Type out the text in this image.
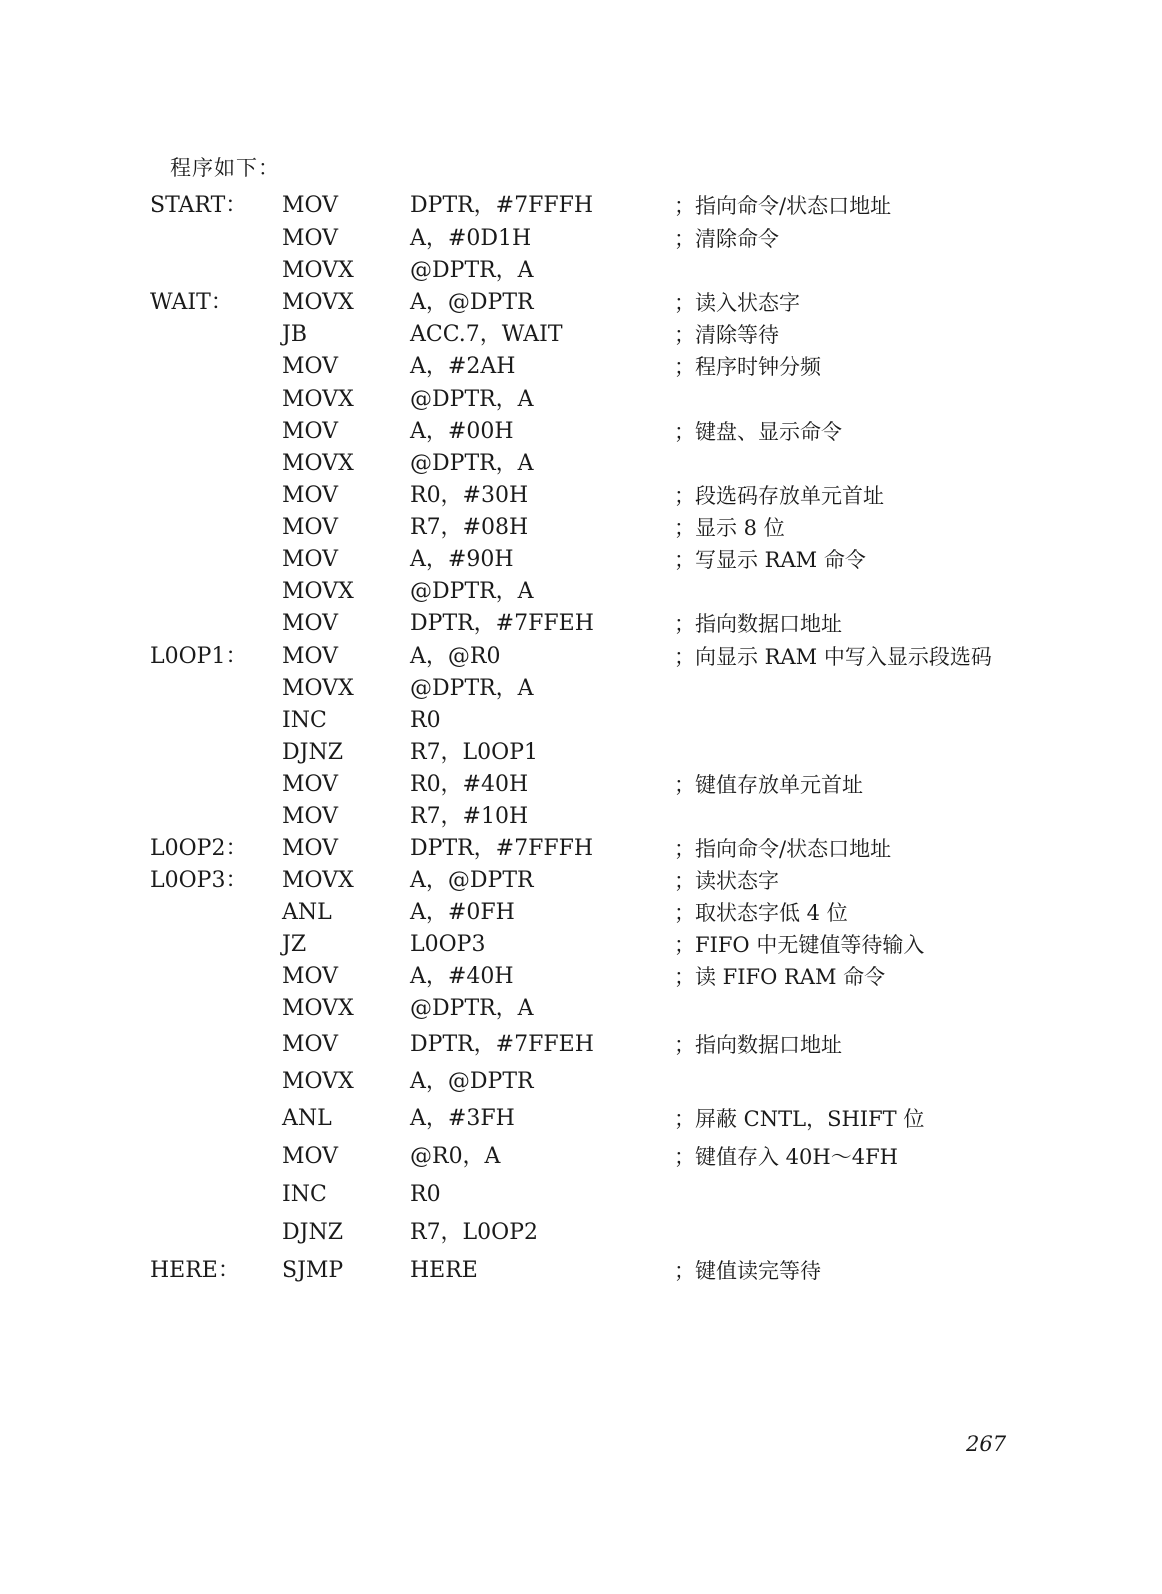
程序如下：
START： MOV	DPTR，#7FFFH	；指向命令/状态口地址
MOV	A，#0D1H	；清除命令
MOVX	@DPTR，A
WAIT： MOVX	A，@DPTR	；读入状态字
JB	ACC.7，WAIT	；清除等待
MOV	A，#2AH	；程序时钟分频
MOVX	@DPTR，A
MOV	A，#00H	；键盘、显示命令
MOVX	@DPTR，A
MOV	R0，#30H	；段选码存放单元首址
MOV	R7，#08H	；显示 8 位
MOV	A，#90H	；写显示 RAM 命令
MOVX	@DPTR，A
MOV	DPTR，#7FFEH	；指向数据口地址
L0OP1： MOV	A，@R0	；向显示 RAM 中写入显示段选码
MOVX	@DPTR，A
INC	R0
DJNZ	R7，L0OP1
MOV	R0，#40H	；键值存放单元首址
MOV	R7，#10H
L0OP2： MOV	DPTR，#7FFFH	；指向命令/状态口地址
L0OP3： MOVX	A，@DPTR	；读状态字
ANL	A，#0FH	；取状态字低 4 位
JZ	L0OP3	；FIFO 中无键值等待输入
MOV	A，#40H	；读 FIFO RAM 命令
MOVX	@DPTR，A
MOV	DPTR，#7FFEH	；指向数据口地址
MOVX	A，@DPTR
ANL	A，#3FH	；屏蔽 CNTL，SHIFT 位
MOV	@R0，A	；键值存入 40H～4FH
INC	R0
DJNZ	R7，L0OP2
HERE： SJMP	HERE	；键值读完等待
267
